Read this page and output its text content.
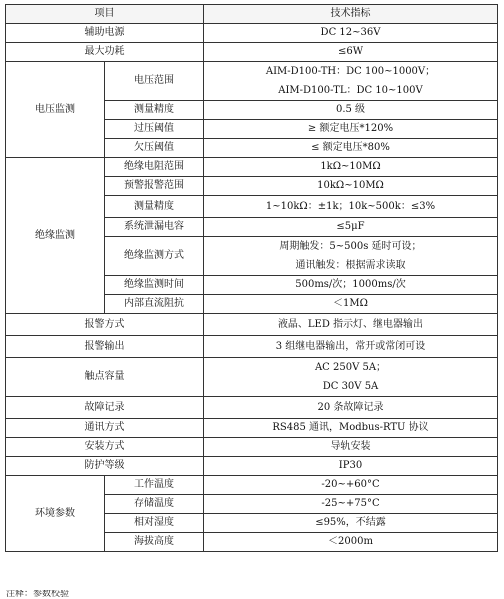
项目		技术指标
辅助电源		DC 12~36V
最大功耗		≤6W
电压监测	电压范围	AIM-D100-TH：DC 100~1000V；
AIM-D100-TL：DC 10~100V

	测量精度	0.5 级
	过压阈值	≥ 额定电压*120%
	欠压阈值	≤ 额定电压*80%
绝缘监测	绝缘电阻范围	1kΩ~10MΩ
	预警报警范围	10kΩ~10MΩ
	测量精度	1~10kΩ：±1k；10k~500k：≤3%
	系统泄漏电容	≤5μF
	绝缘监测方式	周期触发：5~500s 延时可设；
通讯触发：根据需求读取

	绝缘监测时间	500ms/次；1000ms/次
	内部直流阻抗	＜1MΩ
报警方式		液晶、LED 指示灯、继电器输出
报警输出		3 组继电器输出，常开或常闭可设
触点容量		AC 250V 5A；
DC 30V 5A

故障记录		20 条故障记录
通讯方式		RS485 通讯，Modbus-RTU 协议
安装方式		导轨安装
防护等级		IP30
环境参数	工作温度	-20~+60°C
	存储温度	-25~+75°C
	相对湿度	≤95%，不结露
	海拔高度	＜2000m
注释：参数校验
